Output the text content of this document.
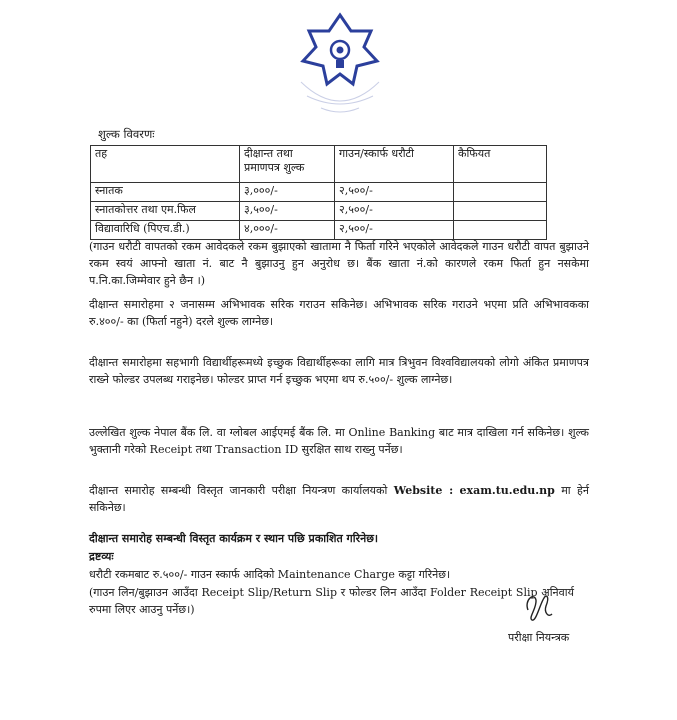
शुल्क विवरणः
तह	दीक्षान्त तथा प्रमाणपत्र शुल्क	गाउन/स्कार्फ धरौटी	कैफियत
स्नातक	३,०००/-	२,५००/-	
स्नातकोत्तर तथा एम.फिल	३,५००/-	२,५००/-	
विद्यावारिधि (पिएच.डी.)	४,०००/-	२,५००/-	

(गाउन धरौटी वापतको रकम आवेदकले रकम बुझाएको खातामा नै फिर्ता गरिने भएकोले आवेदकले गाउन धरौटी वापत बुझाउने रकम स्वयं आफ्नो खाता नं. बाट नै बुझाउनु हुन अनुरोध छ। बैंक खाता नं.को कारणले रकम फिर्ता हुन नसकेमा प.नि.का.जिम्मेवार हुने छैन ।)

दीक्षान्त समारोहमा २ जनासम्म अभिभावक सरिक गराउन सकिनेछ। अभिभावक सरिक गराउने भएमा प्रति अभिभावकका रु.४००/- का (फिर्ता नहुने) दरले शुल्क लाग्नेछ।

दीक्षान्त समारोहमा सहभागी विद्यार्थीहरूमध्ये इच्छुक विद्यार्थीहरूका लागि मात्र त्रिभुवन विश्वविद्यालयको लोगो अंकित प्रमाणपत्र राख्ने फोल्डर उपलब्ध गराइनेछ। फोल्डर प्राप्त गर्न इच्छुक भएमा थप रु.५००/- शुल्क लाग्नेछ।

उल्लेखित शुल्क नेपाल बैंक लि. वा ग्लोबल आईएमई बैंक लि. मा Online Banking बाट मात्र दाखिला गर्न सकिनेछ। शुल्क भुक्तानी गरेको Receipt तथा Transaction ID सुरक्षित साथ राख्नु पर्नेछ।

दीक्षान्त समारोह सम्बन्धी विस्तृत जानकारी परीक्षा नियन्त्रण कार्यालयको Website : exam.tu.edu.np मा हेर्न सकिनेछ।

दीक्षान्त समारोह सम्बन्धी विस्तृत कार्यक्रम र स्थान पछि प्रकाशित गरिनेछ।

द्रष्टव्यः

धरौटी रकमबाट रु.५००/- गाउन स्कार्फ आदिको Maintenance Charge कट्टा गरिनेछ।

(गाउन लिन/बुझाउन आउँदा Receipt Slip/Return Slip र फोल्डर लिन आउँदा Folder Receipt Slip अनिवार्य रुपमा लिएर आउनु पर्नेछ।)

परीक्षा नियन्त्रक
